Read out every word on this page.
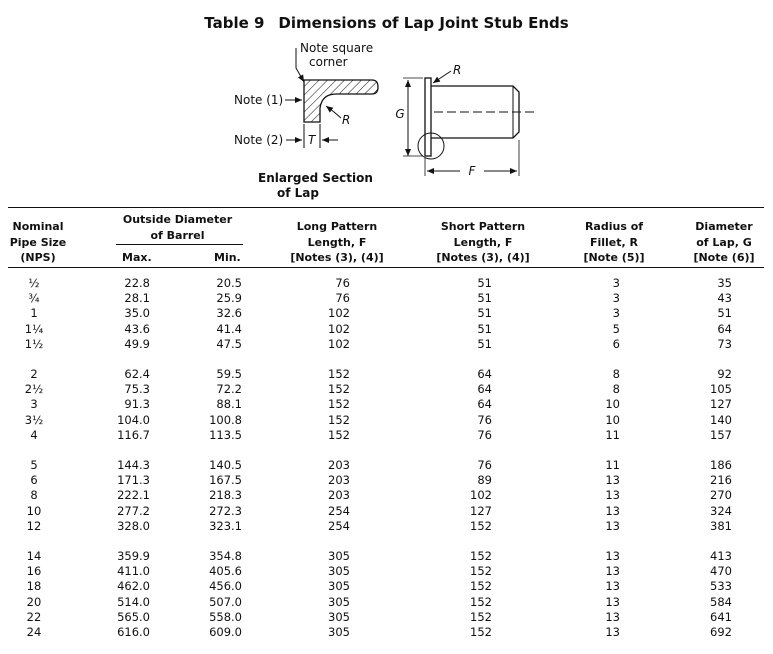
Table 9 Dimensions of Lap Joint Stub Ends
Note square
corner
Note (1)
Note (2) T
R
Enlarged Section
of Lap
R
G
F
Nominal
Pipe Size
(NPS)
Outside Diameter
of Barrel
Max.	Min.
Long Pattern
Length, F
[Notes (3), (4)]
Short Pattern
Length, F
[Notes (3), (4)]
Radius of
Fillet, R
[Note (5)]
Diameter
of Lap, G
[Note (6)]
½	22.8	20.5	76	51	3	35
¾	28.1	25.9	76	51	3	43
1	35.0	32.6	102	51	3	51
1¼	43.6	41.4	102	51	5	64
1½	49.9	47.5	102	51	6	73
2	62.4	59.5	152	64	8	92
2½	75.3	72.2	152	64	8	105
3	91.3	88.1	152	64	10	127
3½	104.0	100.8	152	76	10	140
4	116.7	113.5	152	76	11	157
5	144.3	140.5	203	76	11	186
6	171.3	167.5	203	89	13	216
8	222.1	218.3	203	102	13	270
10	277.2	272.3	254	127	13	324
12	328.0	323.1	254	152	13	381
14	359.9	354.8	305	152	13	413
16	411.0	405.6	305	152	13	470
18	462.0	456.0	305	152	13	533
20	514.0	507.0	305	152	13	584
22	565.0	558.0	305	152	13	641
24	616.0	609.0	305	152	13	692
